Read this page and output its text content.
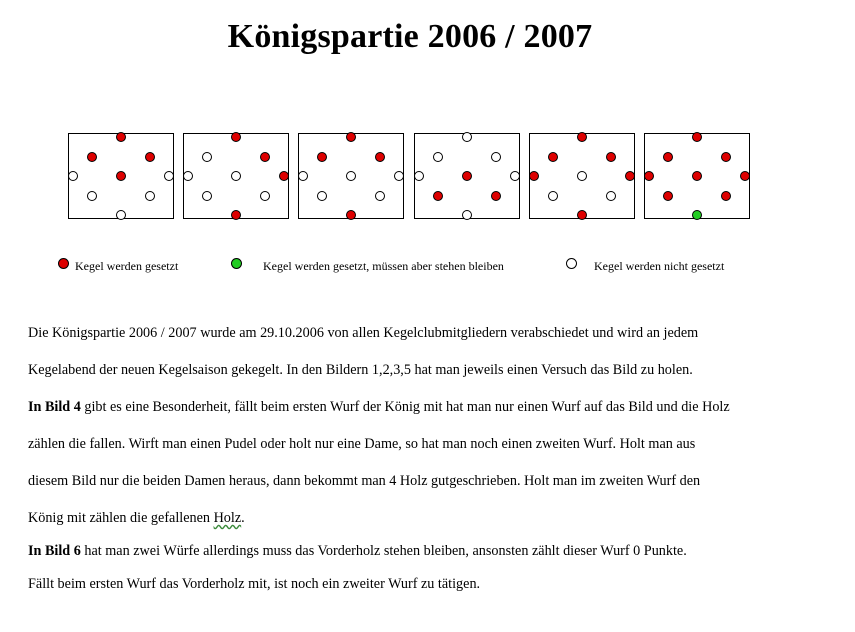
Königspartie 2006 / 2007
Kegel werden gesetzt	Kegel werden gesetzt, müssen aber stehen bleiben	Kegel werden nicht gesetzt
Die Königspartie 2006 / 2007 wurde am 29.10.2006 von allen Kegelclubmitgliedern verabschiedet und wird an jedem
Kegelabend der neuen Kegelsaison gekegelt. In den Bildern 1,2,3,5 hat man jeweils einen Versuch das Bild zu holen.
In Bild 4 gibt es eine Besonderheit, fällt beim ersten Wurf der König mit hat man nur einen Wurf auf das Bild und die Holz
zählen die fallen. Wirft man einen Pudel oder holt nur eine Dame, so hat man noch einen zweiten Wurf. Holt man aus
diesem Bild nur die beiden Damen heraus, dann bekommt man 4 Holz gutgeschrieben. Holt man im zweiten Wurf den
König mit zählen die gefallenen Holz.
In Bild 6 hat man zwei Würfe allerdings muss das Vorderholz stehen bleiben, ansonsten zählt dieser Wurf 0 Punkte.
Fällt beim ersten Wurf das Vorderholz mit, ist noch ein zweiter Wurf zu tätigen.
